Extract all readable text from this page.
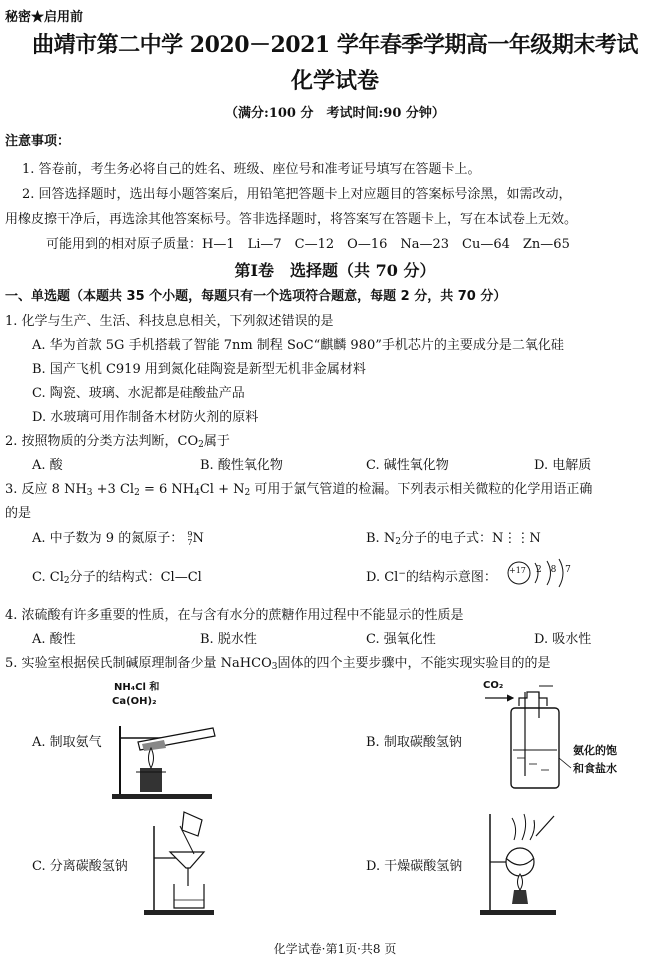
秘密★启用前
曲靖市第二中学 2020－2021 学年春季学期高一年级期末考试
化学试卷
（满分:100 分　考试时间:90 分钟）
注意事项：
1. 答卷前，考生务必将自己的姓名、班级、座位号和准考证号填写在答题卡上。
2. 回答选择题时，选出每小题答案后，用铅笔把答题卡上对应题目的答案标号涂黑，如需改动，
用橡皮擦干净后，再选涂其他答案标号。答非选择题时，将答案写在答题卡上，写在本试卷上无效。
可能用到的相对原子质量：H—1　Li—7　C—12　O—16　Na—23　Cu—64　Zn—65
第Ⅰ卷　选择题（共 70 分）
一、单选题（本题共 35 个小题，每题只有一个选项符合题意，每题 2 分，共 70 分）
1. 化学与生产、生活、科技息息相关，下列叙述错误的是
A. 华为首款 5G 手机搭载了智能 7nm 制程 SoC“麒麟 980”手机芯片的主要成分是二氧化硅
B. 国产飞机 C919 用到氮化硅陶瓷是新型无机非金属材料
C. 陶瓷、玻璃、水泥都是硅酸盐产品
D. 水玻璃可用作制备木材防火剂的原料
2. 按照物质的分类方法判断，$CO_2$属于
A. 酸	B. 酸性氧化物	C. 碱性氧化物	D. 电解质
3. 反应 8 $NH_3 +3$ $Cl_2 = 6$ $NH_4Cl + N_2$ 可用于氯气管道的检漏。下列表示相关微粒的化学用语正确
的是
A. 中子数为 9 的氮原子： 9
7 N	B. $N_2$分子的电子式：N⋮⋮N
C. $Cl_2$分子的结构式：Cl—Cl	D. Cl−的结构示意图： +17 2 8 7
4. 浓硫酸有许多重要的性质，在与含有水分的蔗糖作用过程中不能显示的性质是
A. 酸性	B. 脱水性	C. 强氧化性	D. 吸水性
5. 实验室根据侯氏制碱原理制备少量 NaHCO$_3$固体的四个主要步骤中，不能实现实验目的的是
A. 制取氨气	B. 制取碳酸氢钠
C. 分离碳酸氢钠	D. 干燥碳酸氢钠
NH₄Cl 和
Ca(OH)₂
CO₂
氨化的饱
和食盐水
化学试卷·第1页·共8 页
